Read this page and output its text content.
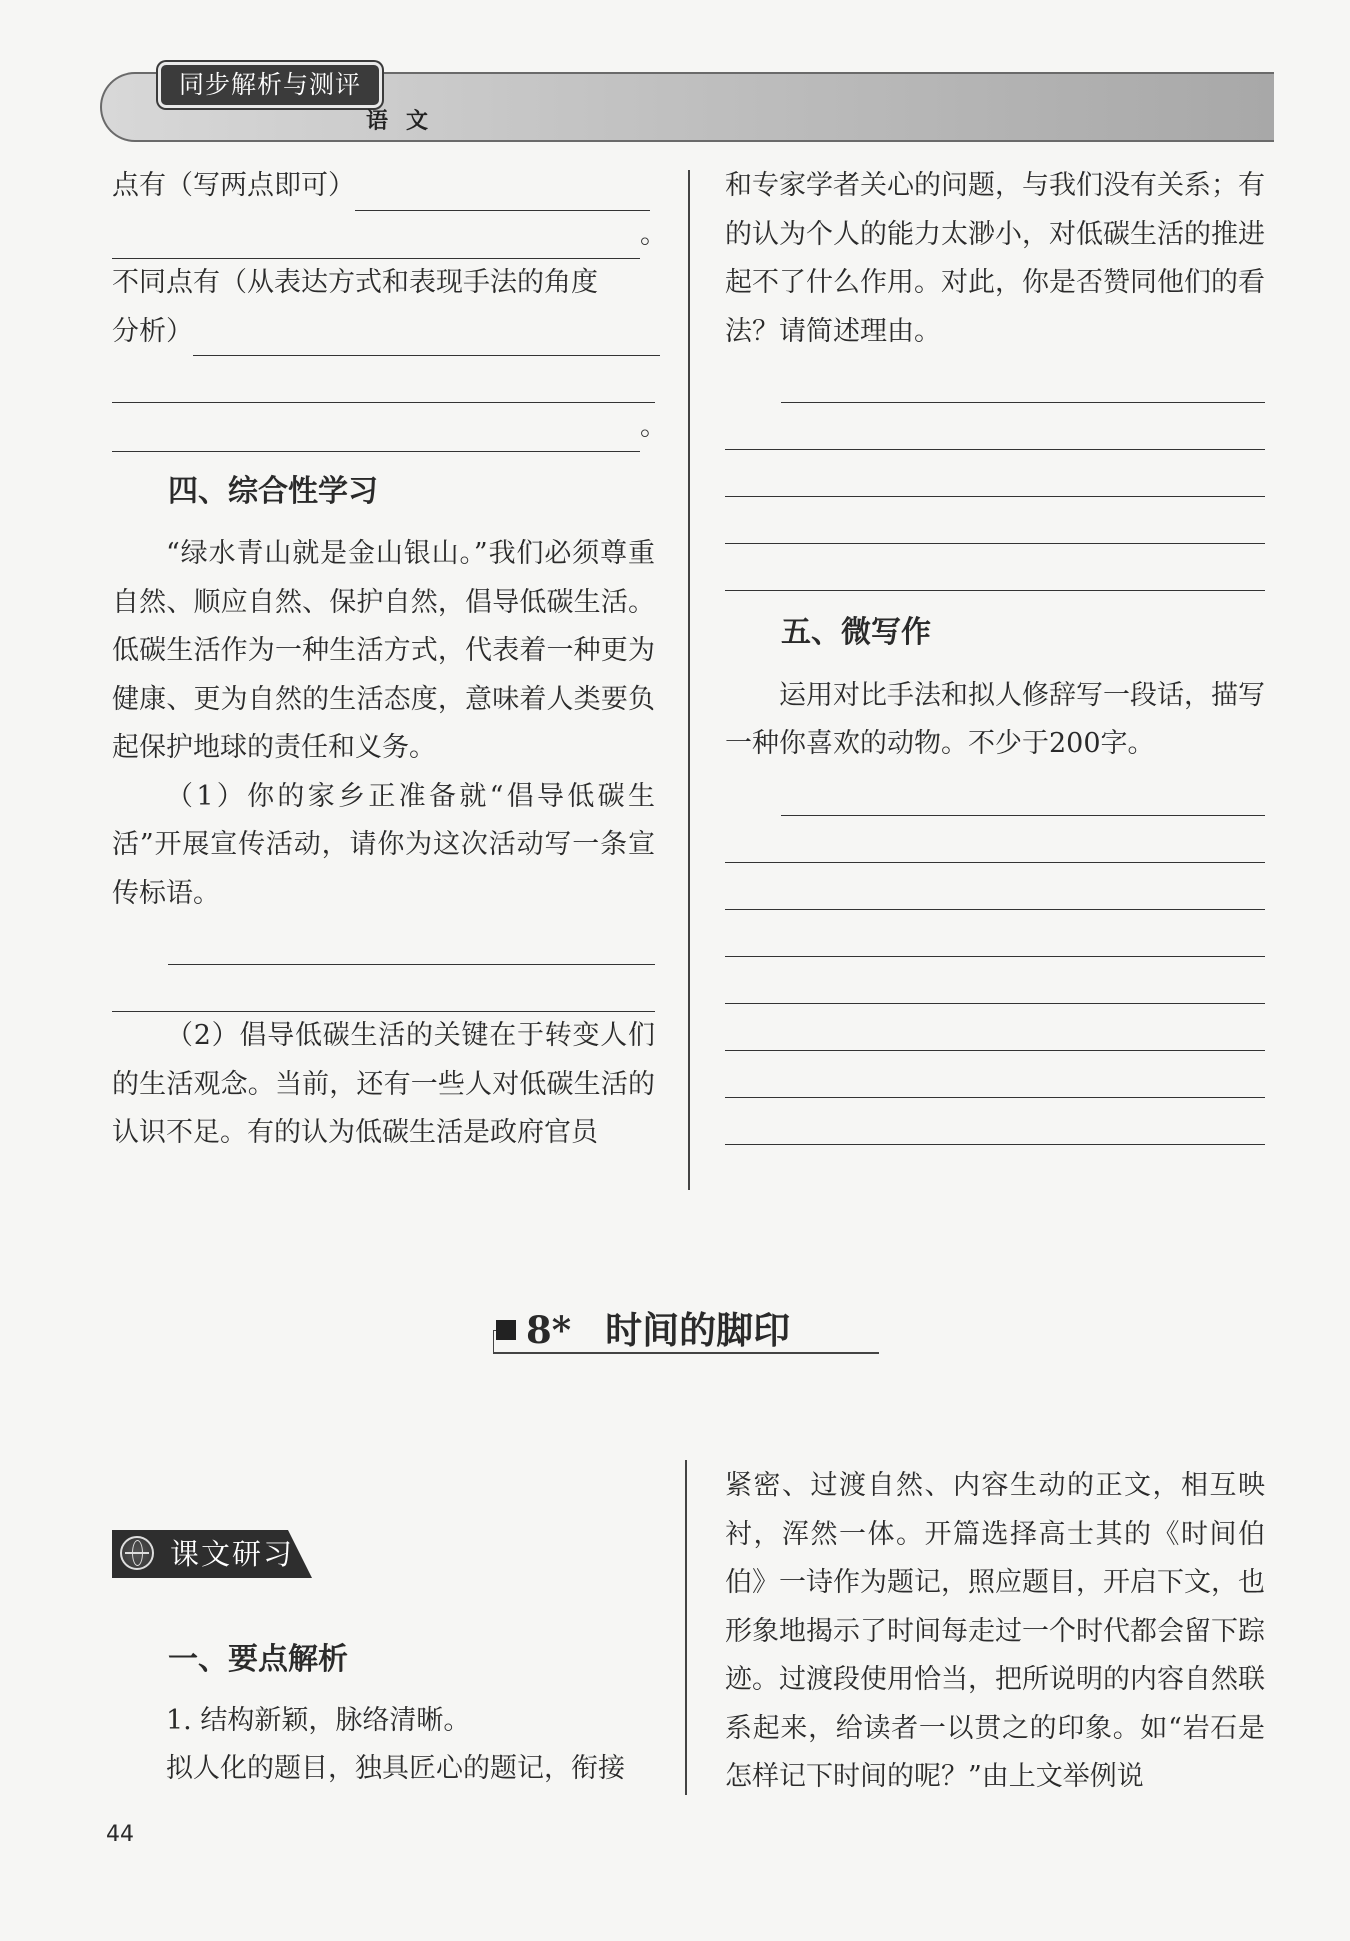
同步解析与测评
语文

点有（写两点即可）

。

不同点有（从表达方式和表现手法的角度

分析）

。

四、综合性学习

“绿水青山就是金山银山。”我们必须尊重自然、顺应自然、保护自然，倡导低碳生活。低碳生活作为一种生活方式，代表着一种更为健康、更为自然的生活态度，意味着人类要负起保护地球的责任和义务。

（1）你的家乡正准备就“倡导低碳生活”开展宣传活动，请你为这次活动写一条宣传标语。

（2）倡导低碳生活的关键在于转变人们的生活观念。当前，还有一些人对低碳生活的认识不足。有的认为低碳生活是政府官员

和专家学者关心的问题，与我们没有关系；有的认为个人的能力太渺小，对低碳生活的推进起不了什么作用。对此，你是否赞同他们的看法？请简述理由。

五、微写作

运用对比手法和拟人修辞写一段话，描写一种你喜欢的动物。不少于200字。

8* 时间的脚印
课文研习
一、要点解析

1. 结构新颖，脉络清晰。

拟人化的题目，独具匠心的题记，衔接

紧密、过渡自然、内容生动的正文，相互映衬，浑然一体。开篇选择高士其的《时间伯伯》一诗作为题记，照应题目，开启下文，也形象地揭示了时间每走过一个时代都会留下踪迹。过渡段使用恰当，把所说明的内容自然联系起来，给读者一以贯之的印象。如“岩石是怎样记下时间的呢？”由上文举例说

44
